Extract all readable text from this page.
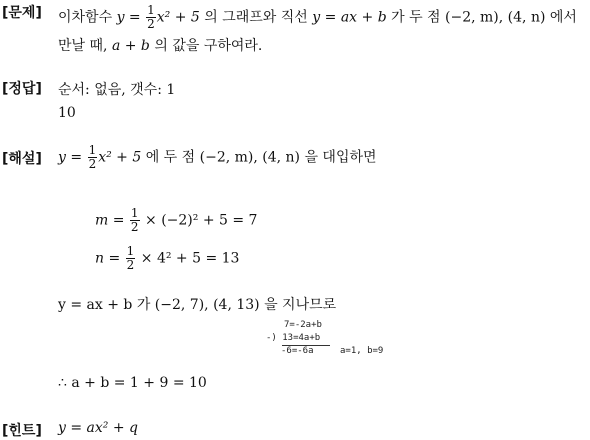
[문제] 이차함수 $y = \frac{1}{2} x^2 + 5$ 의 그래프와 직선 y = ax + b 가 두 점 (−2, m), (4, n) 에서
만날 때, a + b 의 값을 구하여라.
[정답] 순서: 없음, 갯수: 1
10
[해설] $y = \frac{1}{2} x^2 + 5$ 에 두 점 (−2, m), (4, n) 을 대입하면
$m = \frac{1}{2} \times (-2)^2 + 5 = 7$
$n = \frac{1}{2} \times 4^2 + 5 = 13$
y = ax + b 가 (−2, 7), (4, 13) 을 지나므로
7=-2a+b
-) 13=4a+b
-6=-6a	a=1, b=9
∴ a + b = 1 + 9 = 10
[힌트] y = ax² + q
